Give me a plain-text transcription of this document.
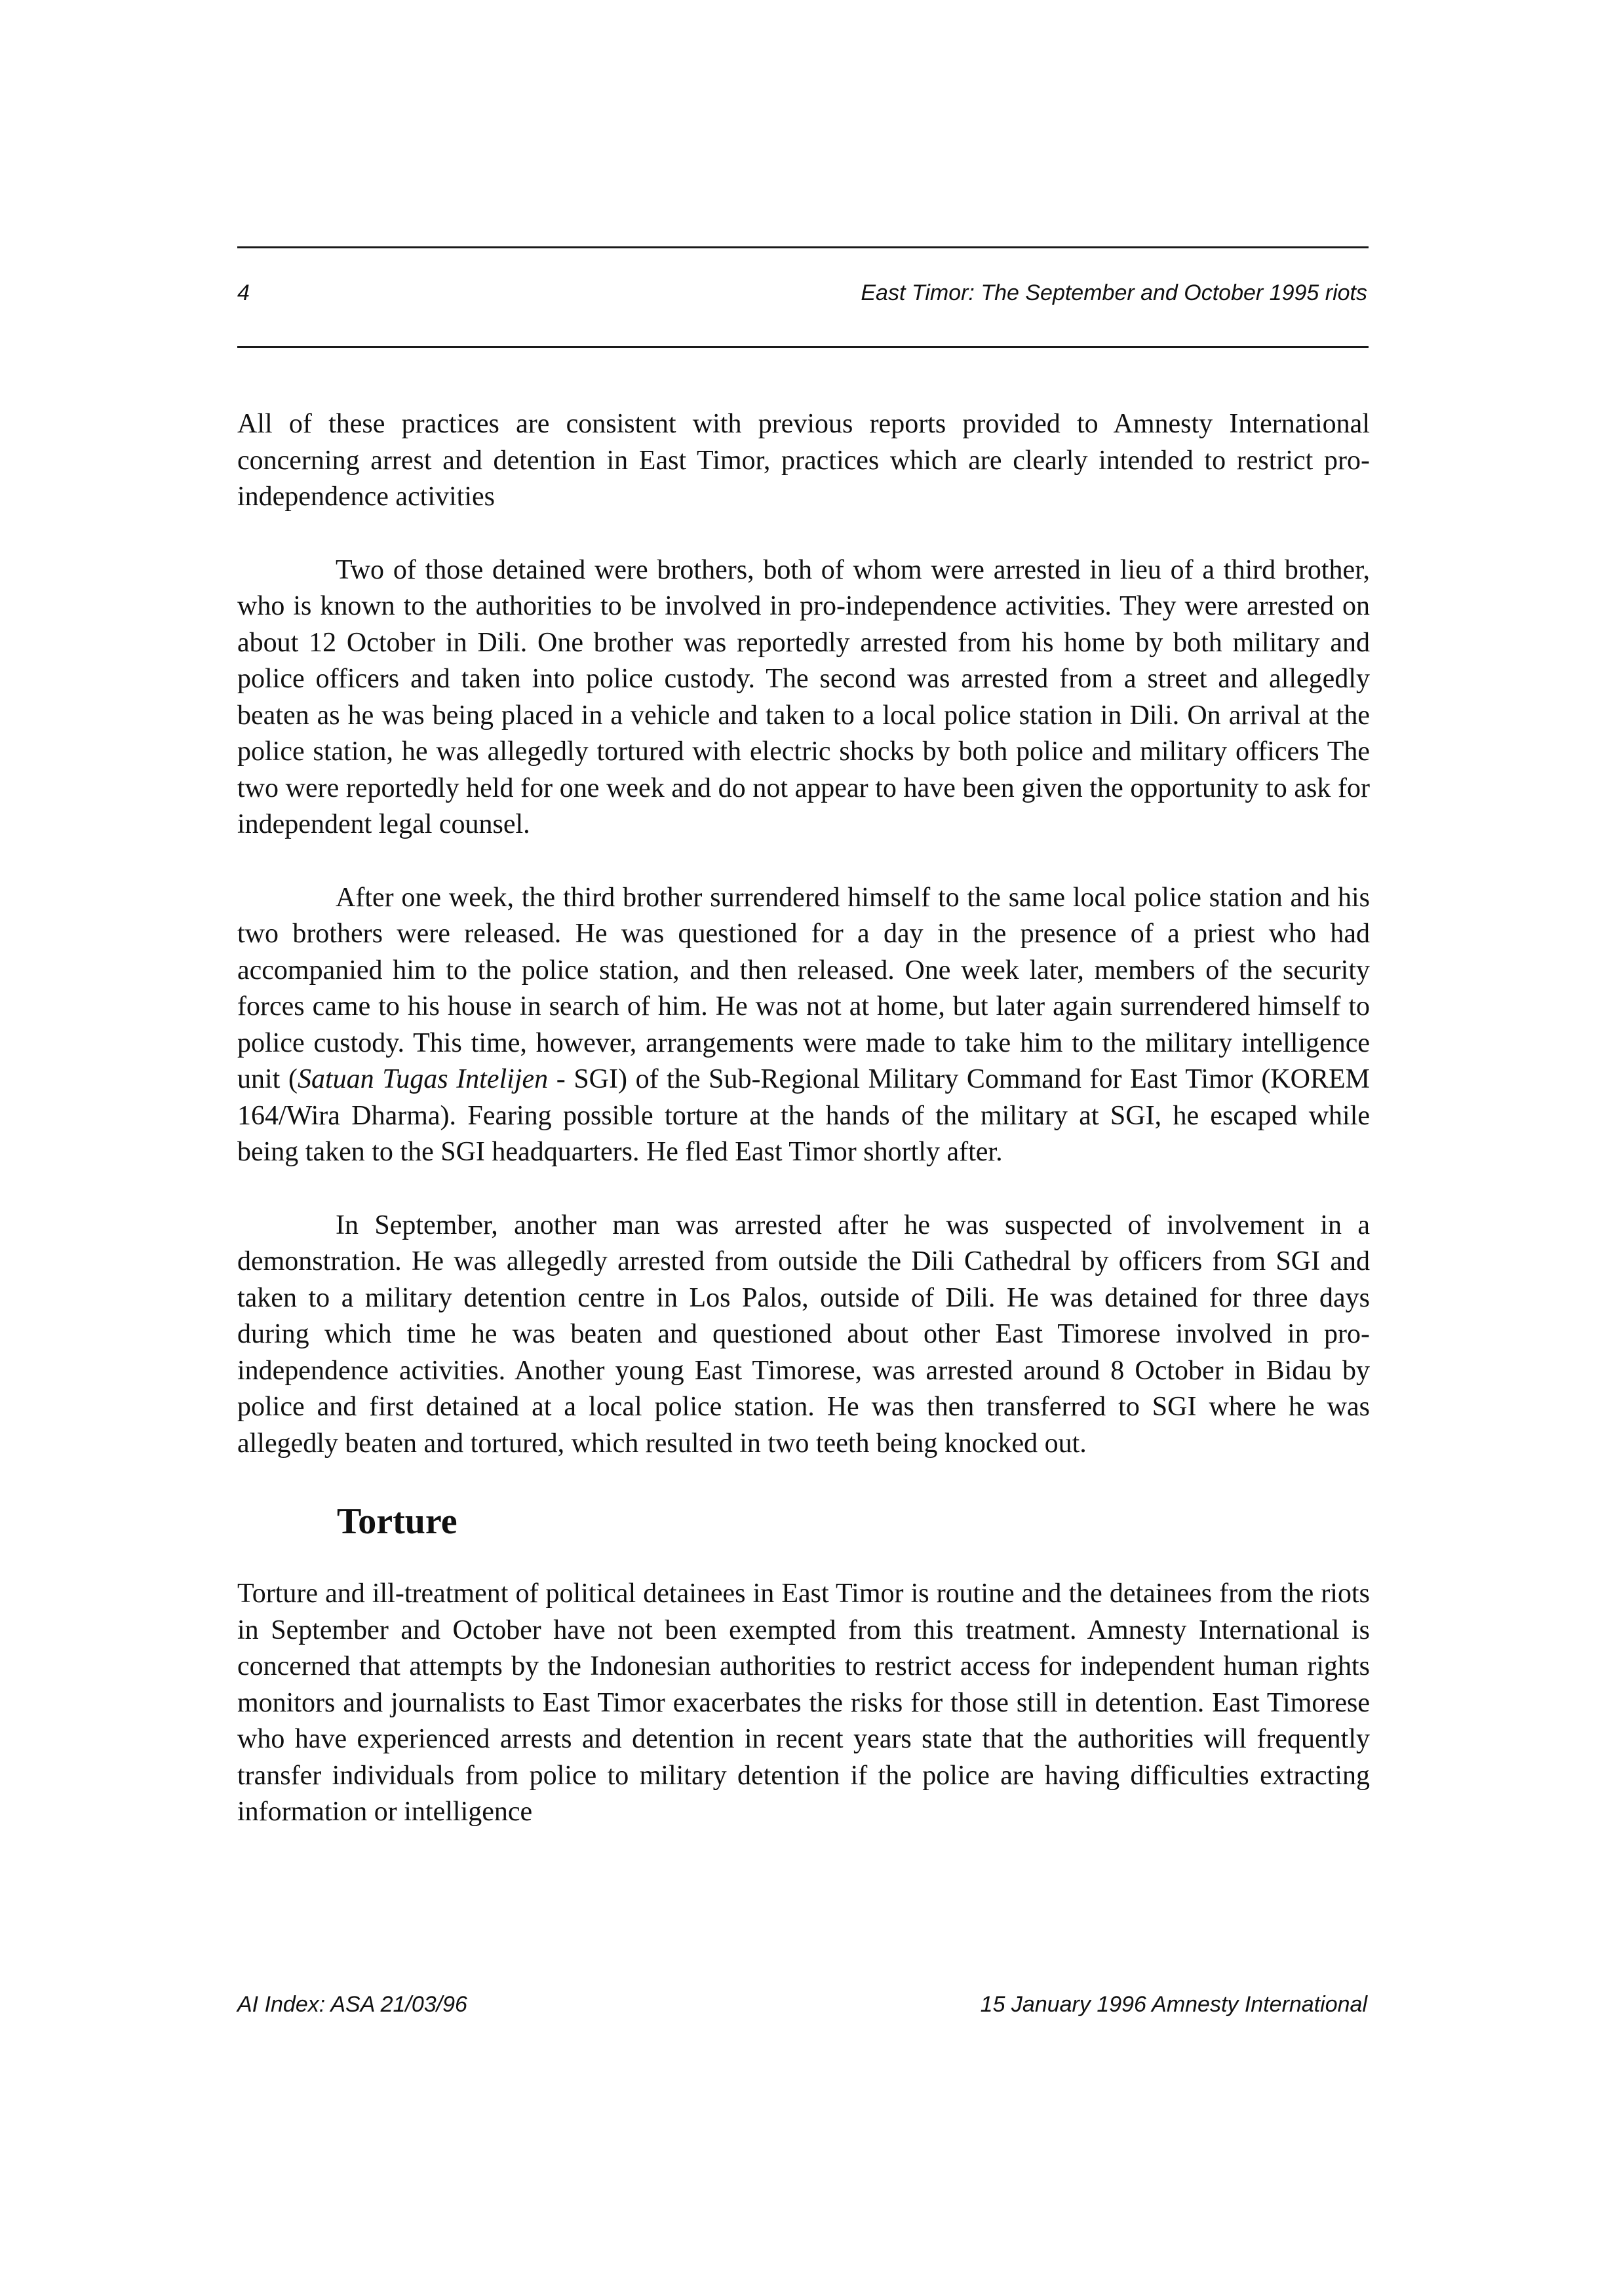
4	East Timor: The September and October 1995 riots

All of these practices are consistent with previous reports provided to Amnesty International concerning arrest and detention in East Timor, practices which are clearly intended to restrict pro-independence activities

Two of those detained were brothers, both of whom were arrested in lieu of a third brother, who is known to the authorities to be involved in pro-independence activities. They were arrested on about 12 October in Dili. One brother was reportedly arrested from his home by both military and police officers and taken into police custody. The second was arrested from a street and allegedly beaten as he was being placed in a vehicle and taken to a local police station in Dili. On arrival at the police station, he was allegedly tortured with electric shocks by both police and military officers The two were reportedly held for one week and do not appear to have been given the opportunity to ask for independent legal counsel.

After one week, the third brother surrendered himself to the same local police station and his two brothers were released. He was questioned for a day in the presence of a priest who had accompanied him to the police station, and then released. One week later, members of the security forces came to his house in search of him. He was not at home, but later again surrendered himself to police custody. This time, however, arrangements were made to take him to the military intelligence unit (Satuan Tugas Intelijen - SGI) of the Sub-Regional Military Command for East Timor (KOREM 164/Wira Dharma). Fearing possible torture at the hands of the military at SGI, he escaped while being taken to the SGI headquarters. He fled East Timor shortly after.

In September, another man was arrested after he was suspected of involvement in a demonstration. He was allegedly arrested from outside the Dili Cathedral by officers from SGI and taken to a military detention centre in Los Palos, outside of Dili. He was detained for three days during which time he was beaten and questioned about other East Timorese involved in pro-independence activities. Another young East Timorese, was arrested around 8 October in Bidau by police and first detained at a local police station. He was then transferred to SGI where he was allegedly beaten and tortured, which resulted in two teeth being knocked out.

Torture

Torture and ill-treatment of political detainees in East Timor is routine and the detainees from the riots in September and October have not been exempted from this treatment. Amnesty International is concerned that attempts by the Indonesian authorities to restrict access for independent human rights monitors and journalists to East Timor exacerbates the risks for those still in detention. East Timorese who have experienced arrests and detention in recent years state that the authorities will frequently transfer individuals from police to military detention if the police are having difficulties extracting information or intelligence

AI Index: ASA 21/03/96	15 January 1996 Amnesty International
